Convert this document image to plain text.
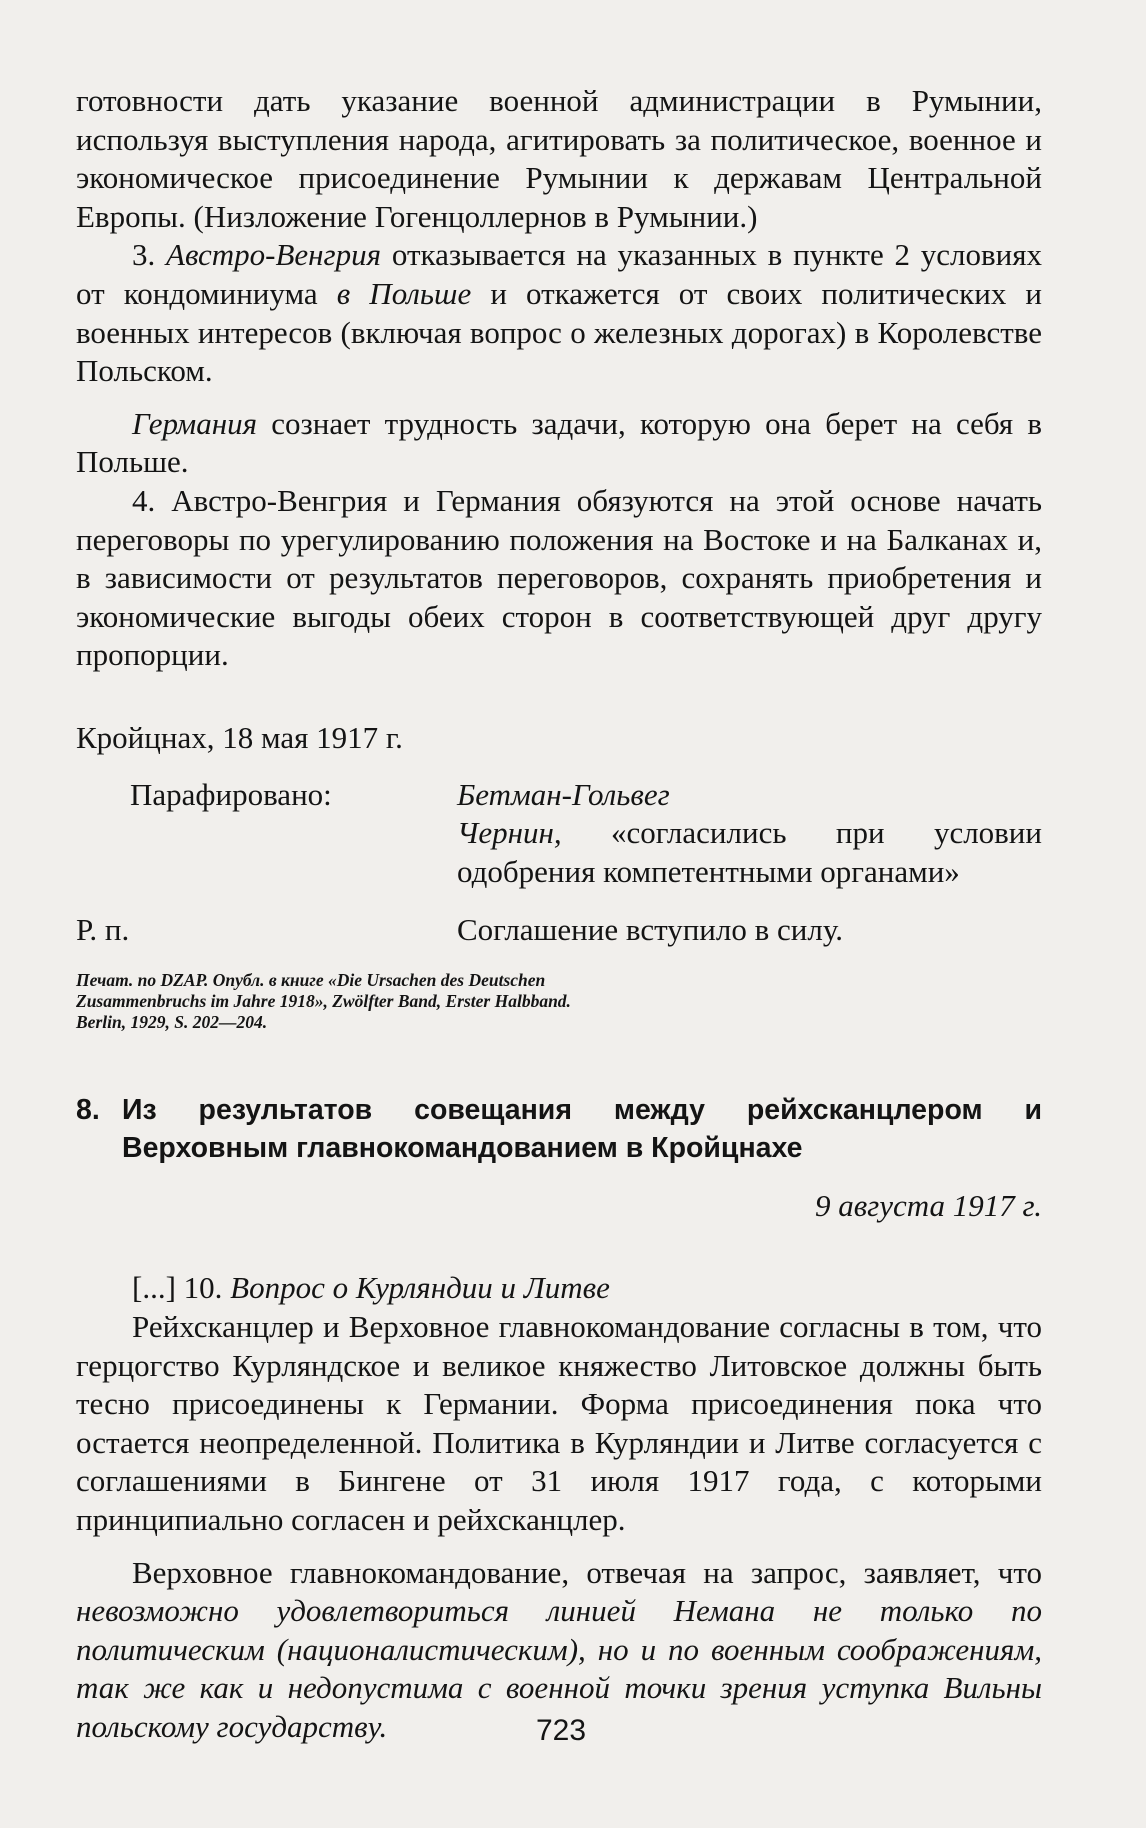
готовности дать указание военной администрации в Румынии, используя выступления народа, агитировать за политическое, военное и экономическое присоединение Румынии к державам Центральной Европы. (Низложение Гогенцоллернов в Румынии.)

3. Австро-Венгрия отказывается на указанных в пункте 2 условиях от кондоминиума в Польше и откажется от своих политических и военных интересов (включая вопрос о железных дорогах) в Королевстве Польском.

Германия сознает трудность задачи, которую она берет на себя в Польше.

4. Австро-Венгрия и Германия обязуются на этой основе начать переговоры по урегулированию положения на Востоке и на Балканах и, в зависимости от результатов переговоров, сохранять приобретения и экономические выгоды обеих сторон в соответствующей друг другу пропорции.

Кройцнах, 18 мая 1917 г.

Парафировано:	Бетман-Гольвег

Чернин, «согласились при условии одобрения компетентными органами»

Р. п.	Соглашение вступило в силу.

Печат. по DZAP. Опубл. в книге «Die Ursachen des Deutschen Zusammenbruchs im Jahre 1918», Zwölfter Band, Erster Halbband. Berlin, 1929, S. 202—204.

8. Из результатов совещания между рейхсканцлером и Верховным главнокомандованием в Кройцнахе
9 августа 1917 г.

[...] 10. Вопрос о Курляндии и Литве

Рейхсканцлер и Верховное главнокомандование согласны в том, что герцогство Курляндское и великое княжество Литовское должны быть тесно присоединены к Германии. Форма присоединения пока что остается неопределенной. Политика в Курляндии и Литве согласуется с соглашениями в Бингене от 31 июля 1917 года, с которыми принципиально согласен и рейхсканцлер.

Верховное главнокомандование, отвечая на запрос, заявляет, что невозможно удовлетвориться линией Немана не только по политическим (националистическим), но и по военным соображениям, так же как и недопустима с военной точки зрения уступка Вильны польскому государству.	723
